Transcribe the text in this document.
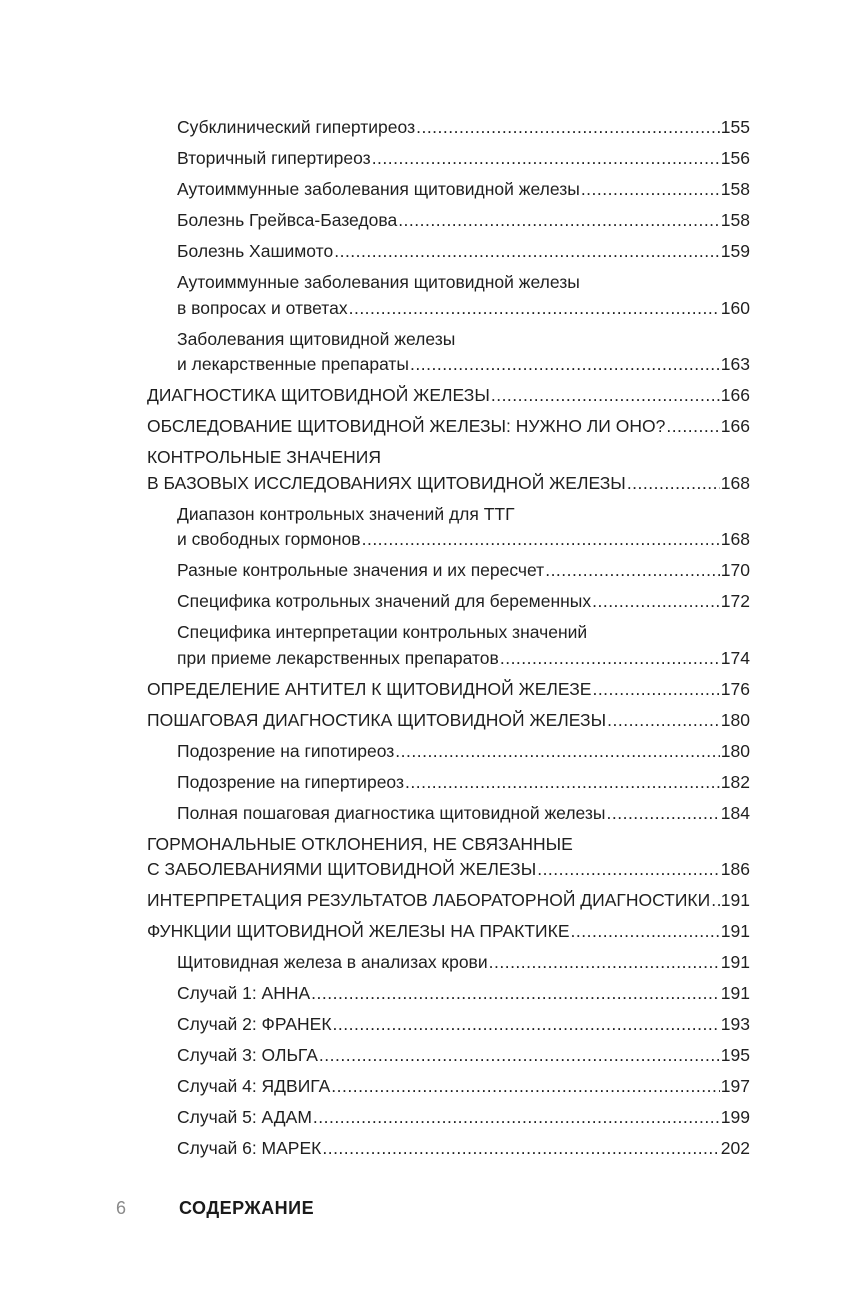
Субклинический гипертиреоз .....	155
Вторичный гипертиреоз .....	156
Аутоиммунные заболевания щитовидной железы .....	158
Болезнь Грейвса-Базедова .....	158
Болезнь Хашимото .....	159
Аутоиммунные заболевания щитовидной железы
в вопросах и ответах .....	160
Заболевания щитовидной железы
и лекарственные препараты .....	163
ДИАГНОСТИКА ЩИТОВИДНОЙ ЖЕЛЕЗЫ .....	166
ОБСЛЕДОВАНИЕ ЩИТОВИДНОЙ ЖЕЛЕЗЫ: НУЖНО ЛИ ОНО? .....	166
КОНТРОЛЬНЫЕ ЗНАЧЕНИЯ
В БАЗОВЫХ ИССЛЕДОВАНИЯХ ЩИТОВИДНОЙ ЖЕЛЕЗЫ .....	168
Диапазон контрольных значений для ТТГ
и свободных гормонов .....	168
Разные контрольные значения и их пересчет .....	170
Специфика котрольных значений для беременных .....	172
Специфика интерпретации контрольных значений
при приеме лекарственных препаратов .....	174
ОПРЕДЕЛЕНИЕ АНТИТЕЛ К ЩИТОВИДНОЙ ЖЕЛЕЗЕ .....	176
ПОШАГОВАЯ ДИАГНОСТИКА ЩИТОВИДНОЙ ЖЕЛЕЗЫ .....	180
Подозрение на гипотиреоз .....	180
Подозрение на гипертиреоз .....	182
Полная пошаговая диагностика щитовидной железы .....	184
ГОРМОНАЛЬНЫЕ ОТКЛОНЕНИЯ, НЕ СВЯЗАННЫЕ
С ЗАБОЛЕВАНИЯМИ ЩИТОВИДНОЙ ЖЕЛЕЗЫ .....	186
ИНТЕРПРЕТАЦИЯ РЕЗУЛЬТАТОВ ЛАБОРАТОРНОЙ ДИАГНОСТИКИ ..... 191
ФУНКЦИИ ЩИТОВИДНОЙ ЖЕЛЕЗЫ НА ПРАКТИКЕ .....	191
Щитовидная железа в анализах крови .....	191
Случай 1: АННА .....	191
Случай 2: ФРАНЕК .....	193
Случай 3: ОЛЬГА .....	195
Случай 4: ЯДВИГА .....	197
Случай 5: АДАМ .....	199
Случай 6: МАРЕК .....	202
6	СОДЕРЖАНИЕ
